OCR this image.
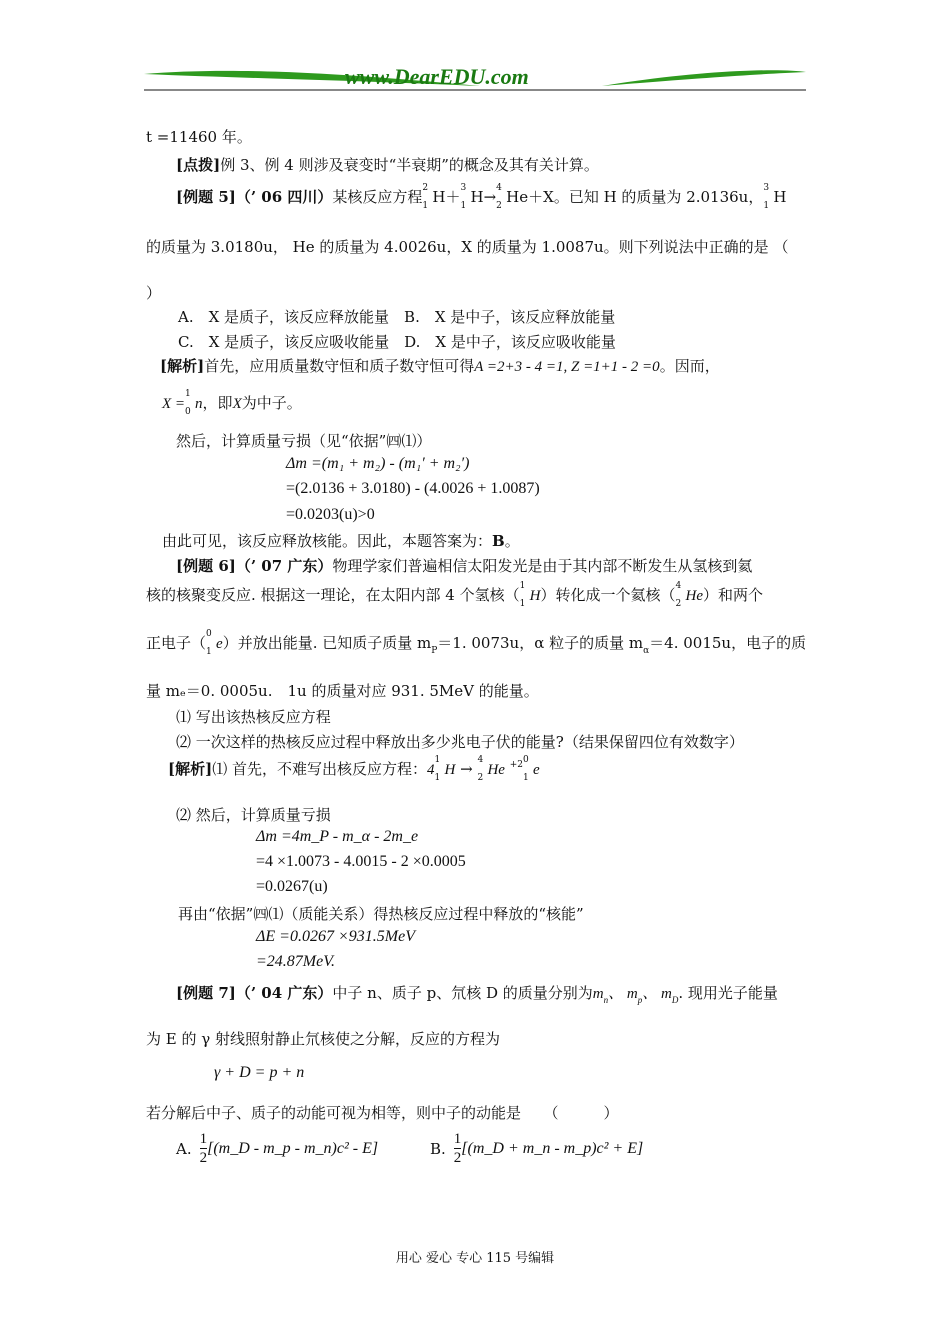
www.DearEDU.com
t =11460 年。
[点拨]例 3、例 4 则涉及衰变时“半衰期”的概念及其有关计算。
[例题 5]（’ 06 四川）某核反应方程 2
1 H＋ 3
1 H→ 4
2 He＋X。已知 H 的质量为 2.0136u， 3
1 H
的质量为 3.0180u， He 的质量为 4.0026u，X 的质量为 1.0087u。则下列说法中正确的是 （
）
A.　X 是质子，该反应释放能量　B.　X 是中子，该反应释放能量
C.　X 是质子，该反应吸收能量　D.　X 是中子，该反应吸收能量
[解析]首先，应用质量数守恒和质子数守恒可得A =2+3 - 4 =1, Z =1+1 - 2 =0。因而，
X =
1
0 n，即X为中子。
然后，计算质量亏损（见“依据”㈣⑴）
Δm =(m₁ + m₂) - (m₁′ + m₂′)
=(2.0136 + 3.0180) - (4.0026 + 1.0087)
=0.0203(u)>0
由此可见，该反应释放核能。因此，本题答案为：B。
[例题 6]（’ 07 广东）物理学家们普遍相信太阳发光是由于其内部不断发生从氢核到氦
核的核聚变反应. 根据这一理论，在太阳内部 4 个氢核（ 1
1 H）转化成一个氦核（ 4
2 He）和两个
正电子（ 0
1 e）并放出能量. 已知质子质量 $m_P=1$. 0073u，α 粒子的质量 $m_\alpha=4$. 0015u，电子的质
量 mₑ＝0. 0005u.　1u 的质量对应 931. 5MeV 的能量。
⑴ 写出该热核反应方程
⑵ 一次这样的热核反应过程中释放出多少兆电子伏的能量?（结果保留四位有效数字）
[解析]⑴ 首先，不难写出核反应方程：4
1
1 H → 4
2 He $^{+2}$ 0
1 e
⑵ 然后，计算质量亏损
Δm =4m_P - m_α - 2m_e
=4 ×1.0073 - 4.0015 - 2 ×0.0005
=0.0267(u)
再由“依据”㈣⑴（质能关系）得热核反应过程中释放的“核能”
ΔE =0.0267 ×931.5MeV
=24.87MeV.
[例题 7]（’ 04 广东）中子 n、质子 p、氘核 D 的质量分别为$m_n$、 $m_p$、 $m_D$. 现用光子能量
为 E 的 γ 射线照射静止氘核使之分解，反应的方程为
γ + D = p + n
若分解后中子、质子的动能可视为相等，则中子的动能是　　（　　　）
A. $\frac{1}{2}$ [(m_D - m_p - m_n)c² - E]	B. $\frac{1}{2}$ [(m_D + m_n - m_p)c² + E]
用心 爱心 专心 115 号编辑
